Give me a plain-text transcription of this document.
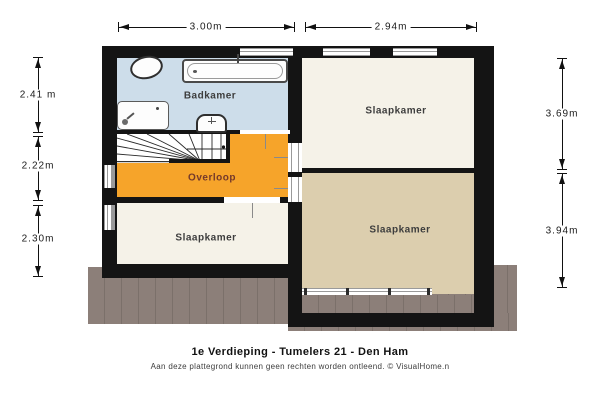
Badkamer
Slaapkamer
Overloop
Slaapkamer
Slaapkamer
3.00m	2.94m
2.41 m
2.22m
2.30m
3.69m
3.94m
1e Verdieping - Tumelers 21 - Den Ham
Aan deze plattegrond kunnen geen rechten worden ontleend. © VisualHome.n
